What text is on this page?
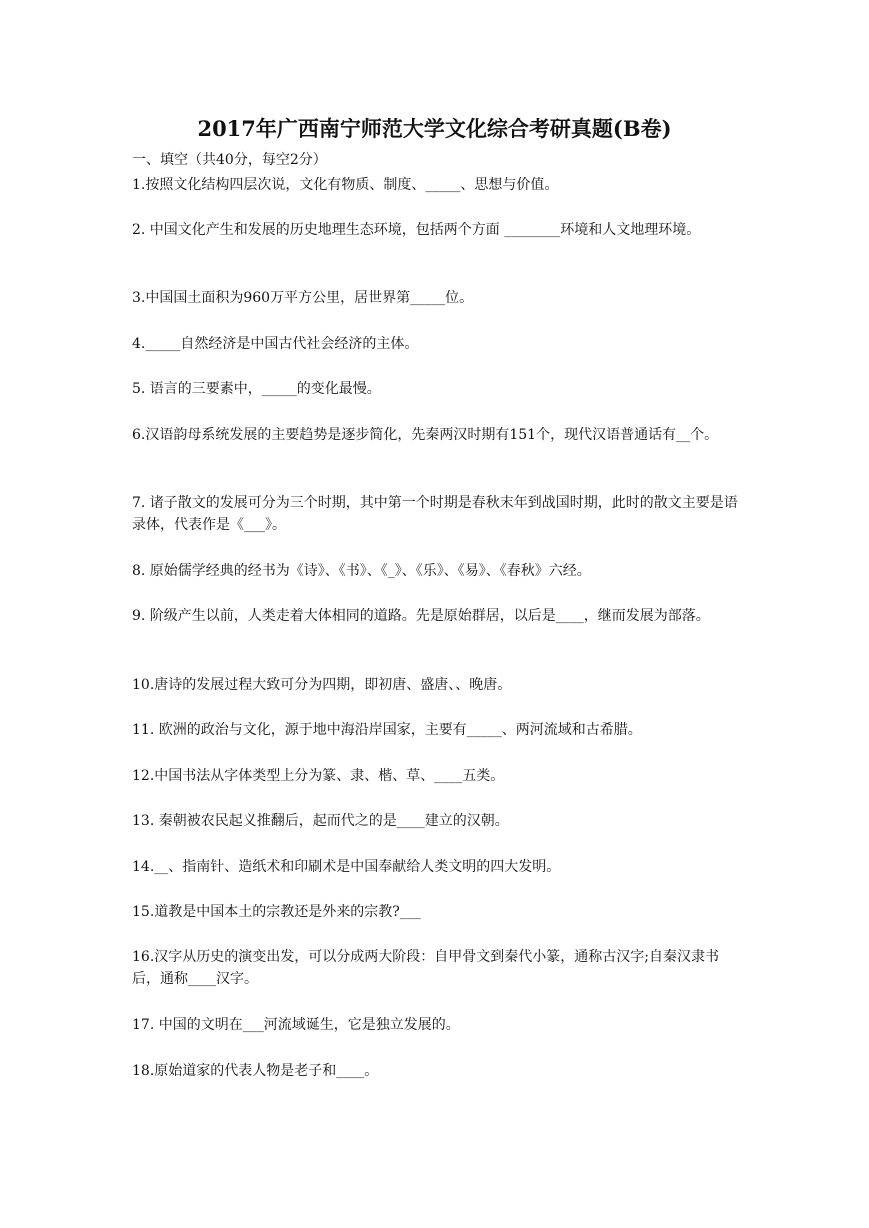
2017年广西南宁师范大学文化综合考研真题(B卷)
一、填空（共40分，每空2分）

1.按照文化结构四层次说，文化有物质、制度、_____、思想与价值。

2. 中国文化产生和发展的历史地理生态环境，包括两个方面 ________环境和人文地理环境。

3.中国国土面积为960万平方公里，居世界第_____位。

4._____自然经济是中国古代社会经济的主体。

5. 语言的三要素中，_____的变化最慢。

6.汉语韵母系统发展的主要趋势是逐步简化，先秦两汉时期有151个，现代汉语普通话有__个。

7. 诸子散文的发展可分为三个时期，其中第一个时期是春秋末年到战国时期，此时的散文主要是语录体，代表作是《___》。

8. 原始儒学经典的经书为《诗》、《书》、《_》、《乐》、《易》、《春秋》六经。

9. 阶级产生以前，人类走着大体相同的道路。先是原始群居，以后是____，继而发展为部落。

10.唐诗的发展过程大致可分为四期，即初唐、盛唐、、晚唐。

11. 欧洲的政治与文化，源于地中海沿岸国家，主要有_____、两河流域和古希腊。

12.中国书法从字体类型上分为篆、隶、楷、草、____五类。

13. 秦朝被农民起义推翻后，起而代之的是____建立的汉朝。

14.__、指南针、造纸术和印刷术是中国奉献给人类文明的四大发明。

15.道教是中国本土的宗教还是外来的宗教?___

16.汉字从历史的演变出发，可以分成两大阶段：自甲骨文到秦代小篆，通称古汉字;自秦汉隶书后，通称____汉字。

17. 中国的文明在___河流域诞生，它是独立发展的。

18.原始道家的代表人物是老子和____。
